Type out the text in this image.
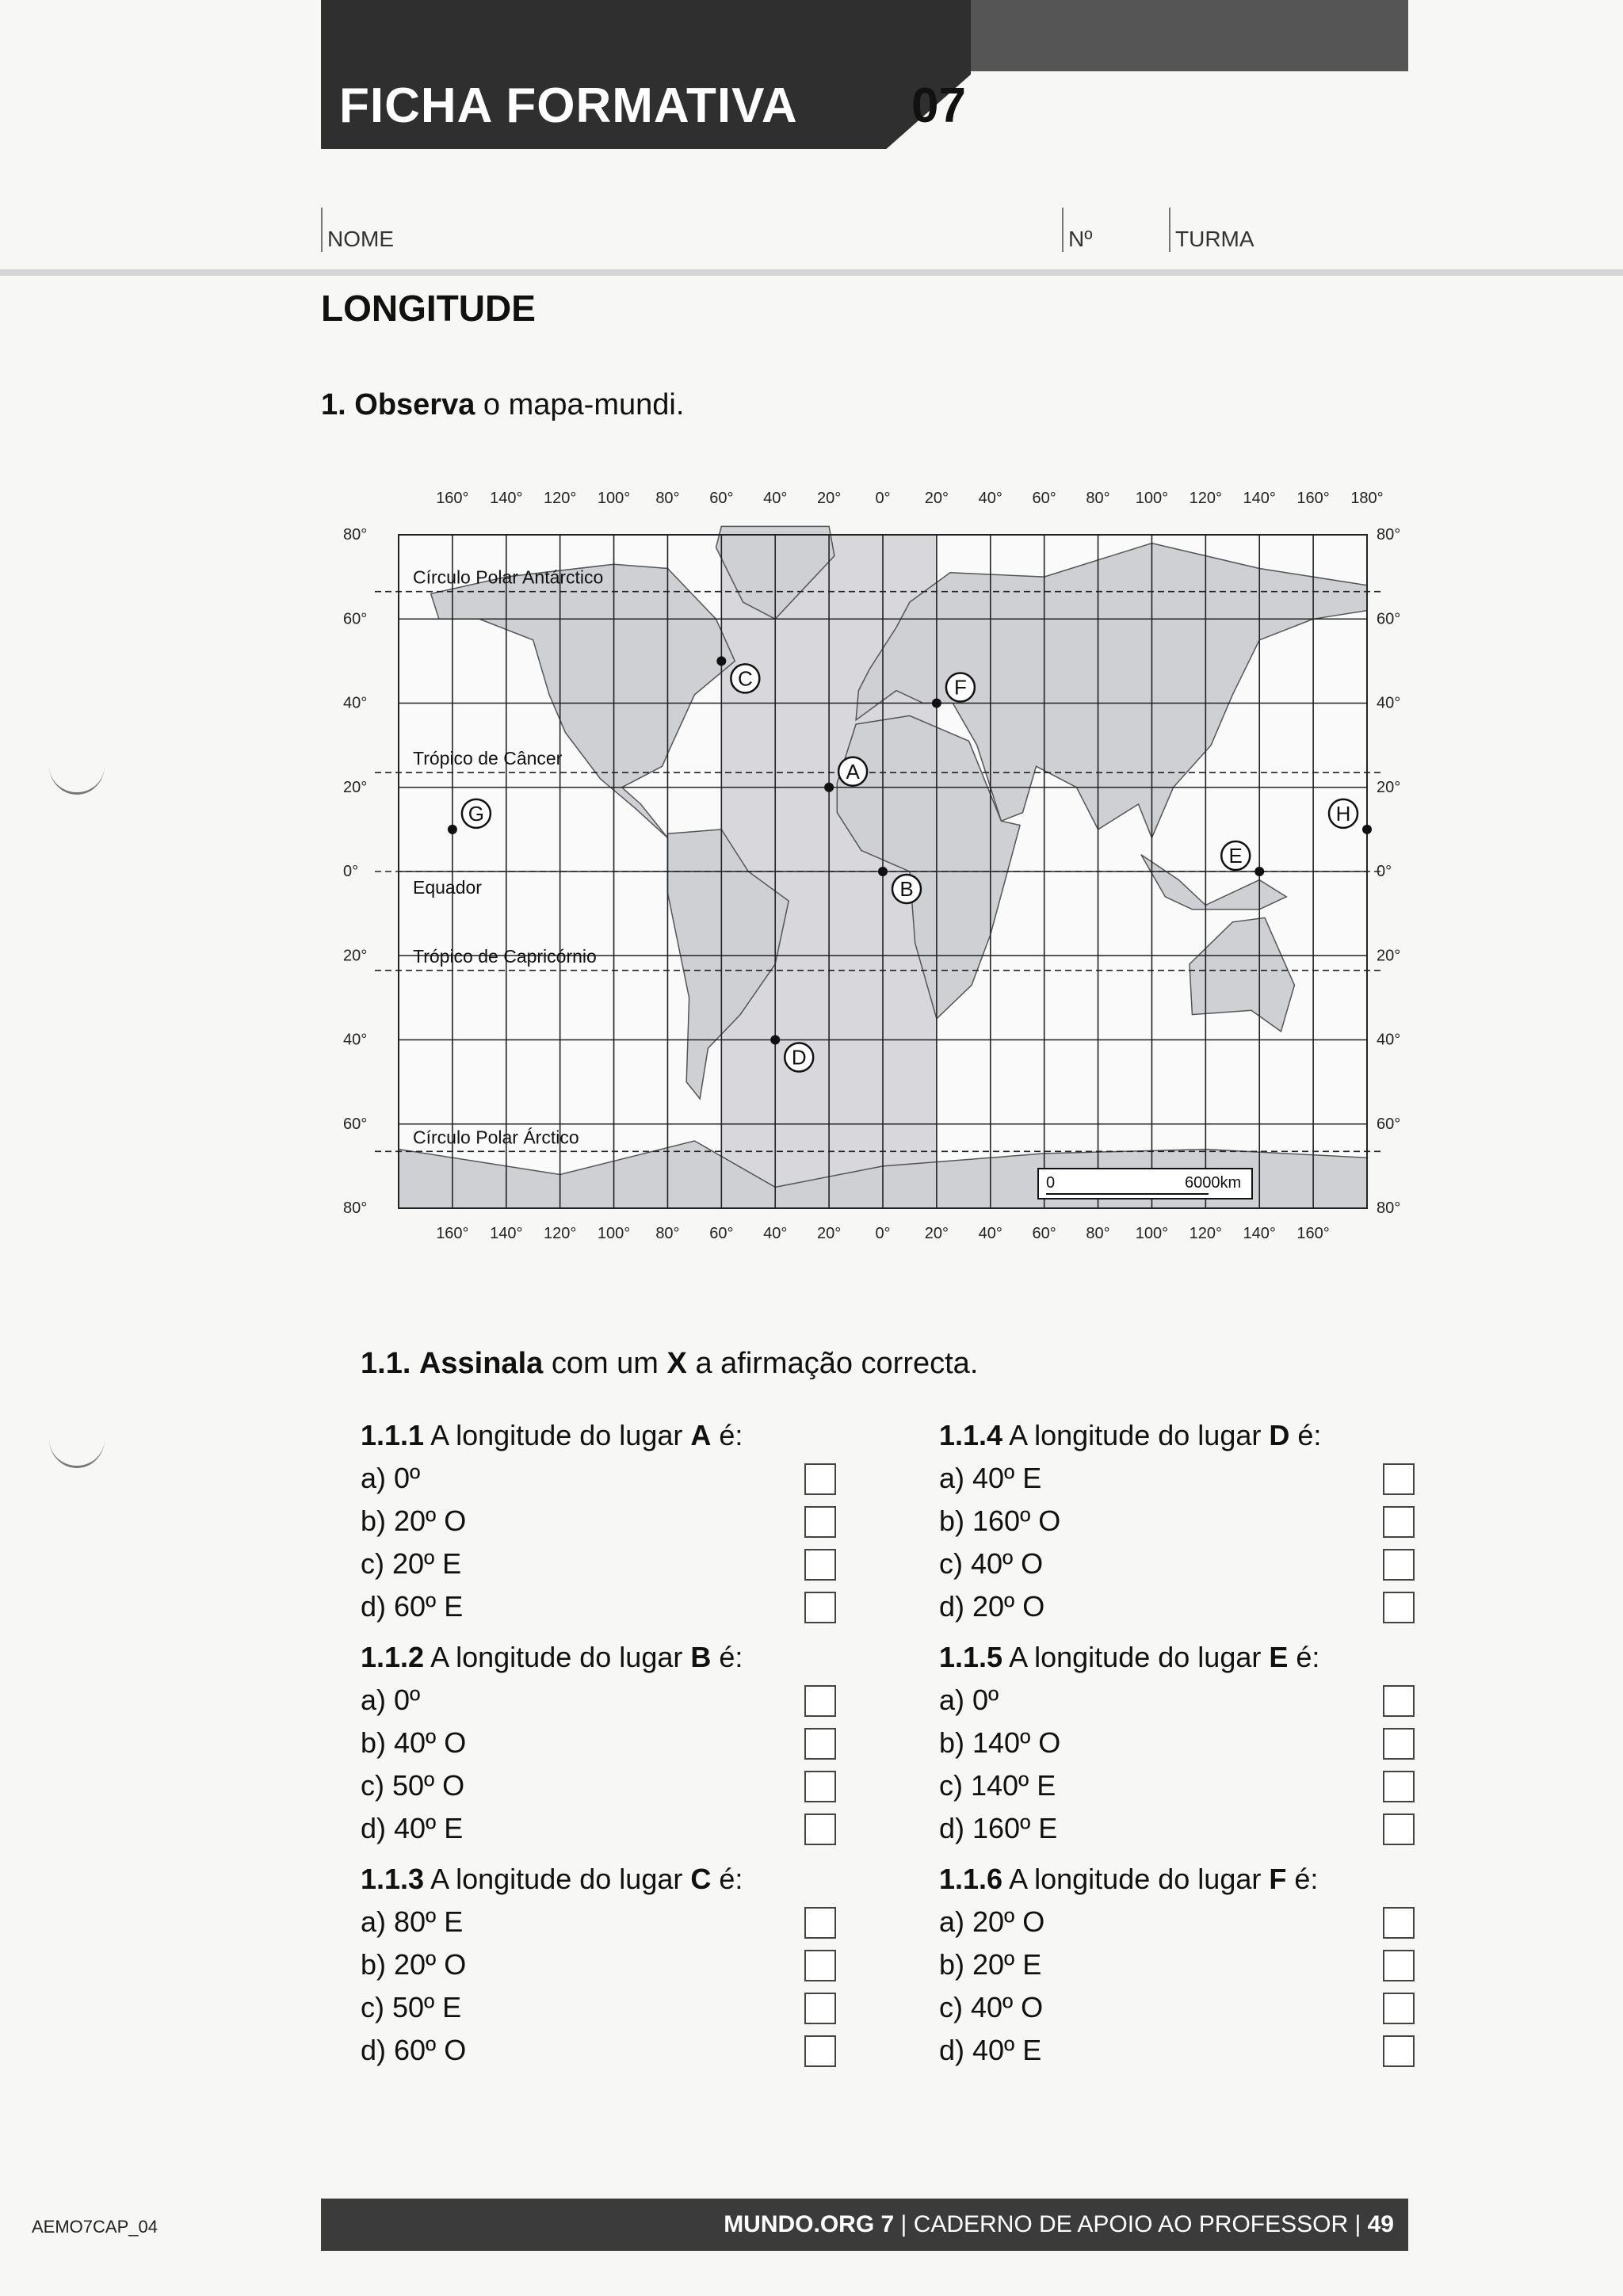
FICHA FORMATIVA 07
NOME	Nº	TURMA
LONGITUDE
1. Observa o mapa-mundi.
Círculo Polar Antárctico
Trópico de Câncer
Equador
Trópico de Capricórnio
Círculo Polar Árctico
160° 140° 120° 100° 80° 60° 40° 20° 0° 20° 40° 60° 80° 100° 120° 140° 160° 180°
160° 140° 120° 100° 80° 60° 40° 20° 0° 20° 40° 60° 80° 100° 120° 140° 160°
80°
60°
40°
20°
0°
20°
40°
60°
80°
80°
60°
40°
20°
0°
20°
40°
60°
80°
A
B
C
D
E
F
G	H
0	6000km
1.1. Assinala com um X a afirmação correcta.
1.1.1 A longitude do lugar A é:
a) 0º
b) 20º O
c) 20º E
d) 60º E
1.1.2 A longitude do lugar B é:
a) 0º
b) 40º O
c) 50º O
d) 40º E
1.1.3 A longitude do lugar C é:
a) 80º E
b) 20º O
c) 50º E
d) 60º O
1.1.4 A longitude do lugar D é:
a) 40º E
b) 160º O
c) 40º O
d) 20º O
1.1.5 A longitude do lugar E é:
a) 0º
b) 140º O
c) 140º E
d) 160º E
1.1.6 A longitude do lugar F é:
a) 20º O
b) 20º E
c) 40º O
d) 40º E
AEMO7CAP_04	MUNDO.ORG 7 | CADERNO DE APOIO AO PROFESSOR | 49
